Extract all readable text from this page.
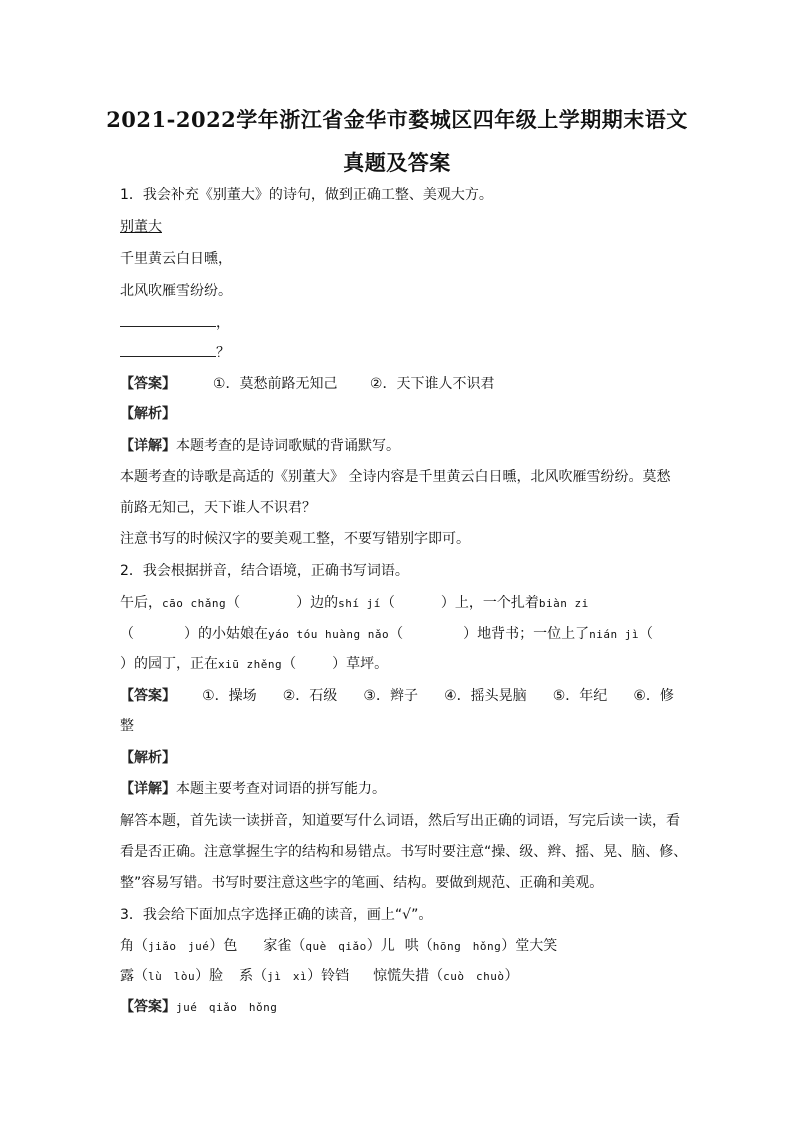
2021-2022学年浙江省金华市婺城区四年级上学期期末语文
真题及答案
1．我会补充《别董大》的诗句，做到正确工整、美观大方。
别董大
千里黄云白日曛，
北风吹雁雪纷纷。
，
？
【答案】	①．莫愁前路无知己 ②．天下谁人不识君
【解析】
【详解】本题考查的是诗词歌赋的背诵默写。
本题考查的诗歌是高适的《别董大》 全诗内容是千里黄云白日曛，北风吹雁雪纷纷。莫愁
前路无知己，天下谁人不识君？
注意书写的时候汉字的要美观工整，不要写错别字即可。
2．我会根据拼音，结合语境，正确书写词语。
午后，cāo chǎng（	）边的shí jí（	）上，一个扎着biàn zi
（	）的小姑娘在yáo tóu huàng nǎo（	）地背书；一位上了nián jì（
）的园丁，正在xiū zhěng（	）草坪。
【答案】 ①．操场 ②．石级 ③．辫子 ④．摇头晃脑 ⑤．年纪 ⑥．修
整
【解析】
【详解】本题主要考查对词语的拼写能力。
解答本题，首先读一读拼音，知道要写什么词语，然后写出正确的词语，写完后读一读，看
看是否正确。注意掌握生字的结构和易错点。书写时要注意“操、级、辫、摇、晃、脑、修、
整”容易写错。书写时要注意这些字的笔画、结构。要做到规范、正确和美观。
3．我会给下面加点字选择正确的读音，画上“√”。
角（jiǎo　jué）色 家雀（què　qiǎo）儿 哄（hōng　hǒng）堂大笑
露（lù　lòu）脸 系（jì　xì）铃铛 惊慌失措（cuò　chuò）
【答案】jué　qiǎo　hǒng
